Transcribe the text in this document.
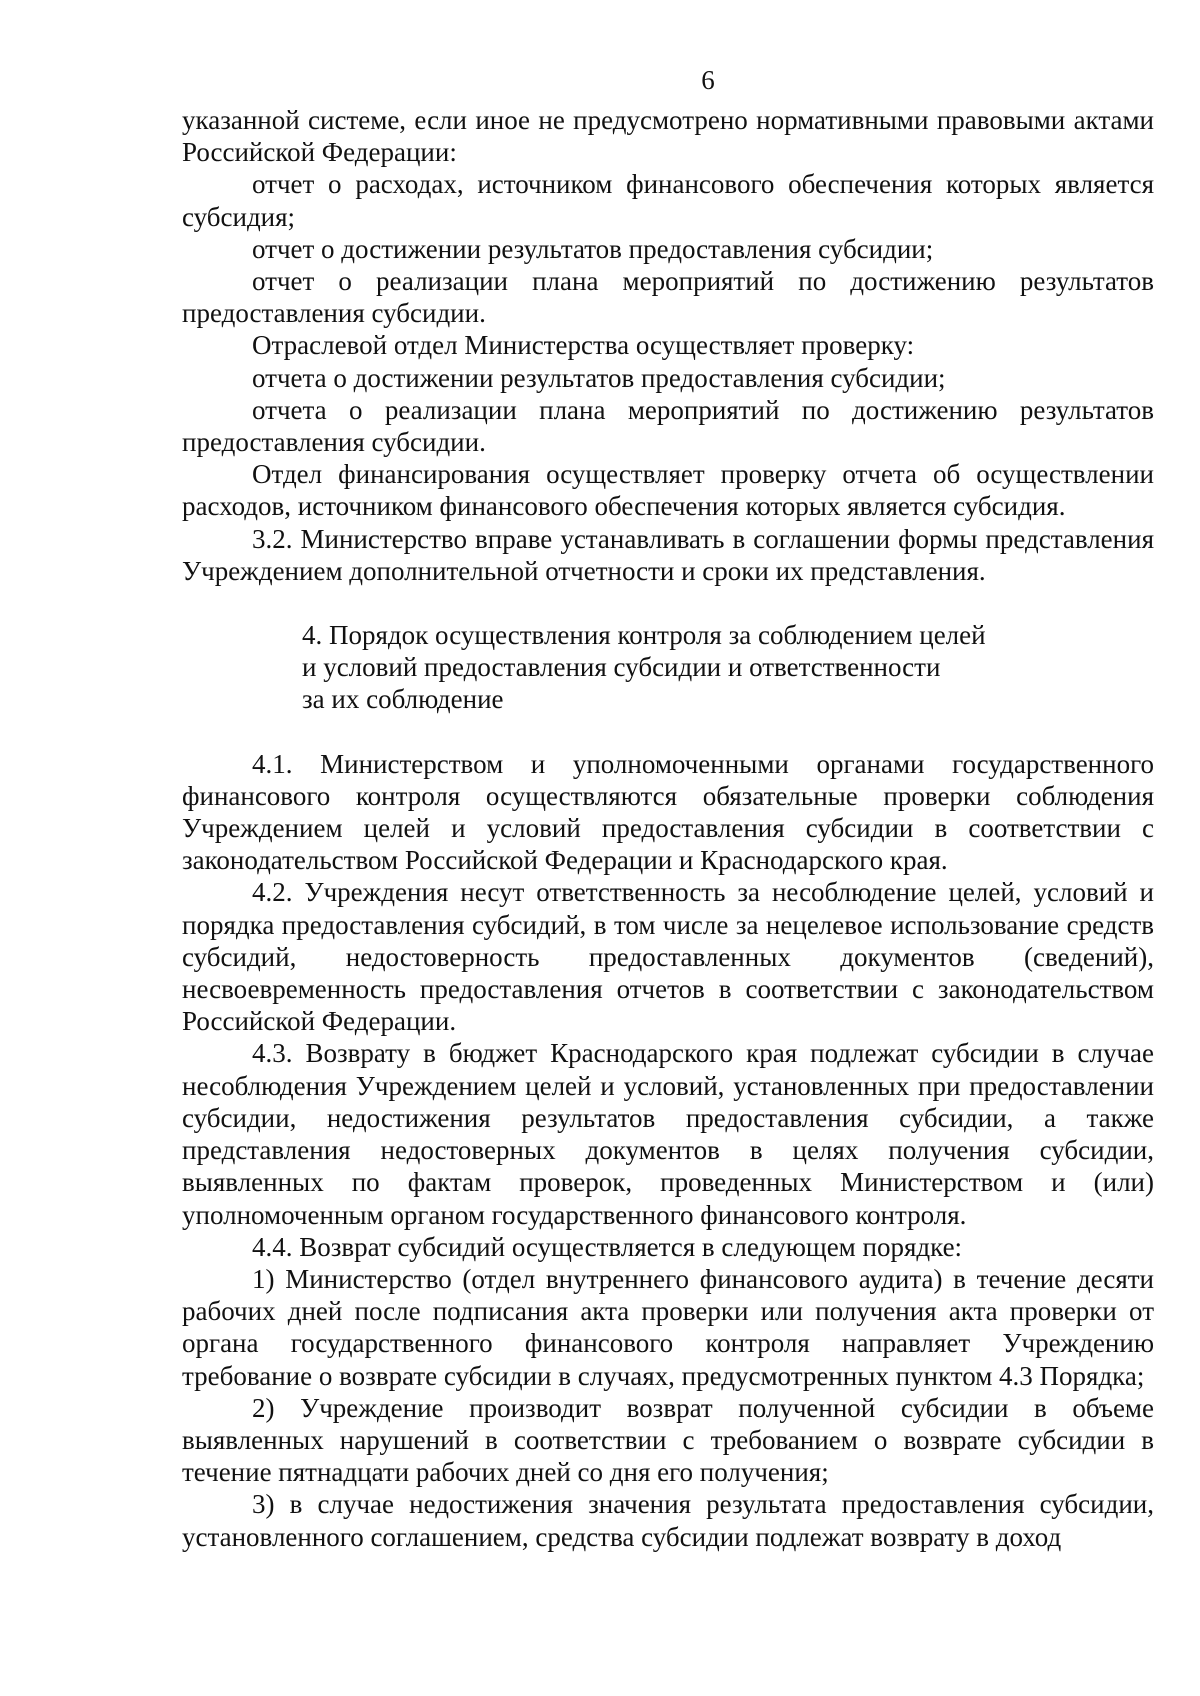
6

указанной системе, если иное не предусмотрено нормативными правовыми актами Российской Федерации:

отчет о расходах, источником финансового обеспечения которых является субсидия;

отчет о достижении результатов предоставления субсидии;

отчет о реализации плана мероприятий по достижению результатов предоставления субсидии.

Отраслевой отдел Министерства осуществляет проверку:

отчета о достижении результатов предоставления субсидии;

отчета о реализации плана мероприятий по достижению результатов предоставления субсидии.

Отдел финансирования осуществляет проверку отчета об осуществлении расходов, источником финансового обеспечения которых является субсидия.

3.2. Министерство вправе устанавливать в соглашении формы представления Учреждением дополнительной отчетности и сроки их представления.

4. Порядок осуществления контроля за соблюдением целей

и условий предоставления субсидии и ответственности

за их соблюдение

4.1. Министерством и уполномоченными органами государственного финансового контроля осуществляются обязательные проверки соблюдения Учреждением целей и условий предоставления субсидии в соответствии с законодательством Российской Федерации и Краснодарского края.

4.2. Учреждения несут ответственность за несоблюдение целей, условий и порядка предоставления субсидий, в том числе за нецелевое использование средств субсидий, недостоверность предоставленных документов (сведений), несвоевременность предоставления отчетов в соответствии с законодательством Российской Федерации.

4.3. Возврату в бюджет Краснодарского края подлежат субсидии в случае несоблюдения Учреждением целей и условий, установленных при предоставлении субсидии, недостижения результатов предоставления субсидии, а также представления недостоверных документов в целях получения субсидии, выявленных по фактам проверок, проведенных Министерством и (или) уполномоченным органом государственного финансового контроля.

4.4. Возврат субсидий осуществляется в следующем порядке:

1) Министерство (отдел внутреннего финансового аудита) в течение десяти рабочих дней после подписания акта проверки или получения акта проверки от органа государственного финансового контроля направляет Учреждению требование о возврате субсидии в случаях, предусмотренных пунктом 4.3 Порядка;

2) Учреждение производит возврат полученной субсидии в объеме выявленных нарушений в соответствии с требованием о возврате субсидии в течение пятнадцати рабочих дней со дня его получения;

3) в случае недостижения значения результата предоставления субсидии, установленного соглашением, средства субсидии подлежат возврату в доход
